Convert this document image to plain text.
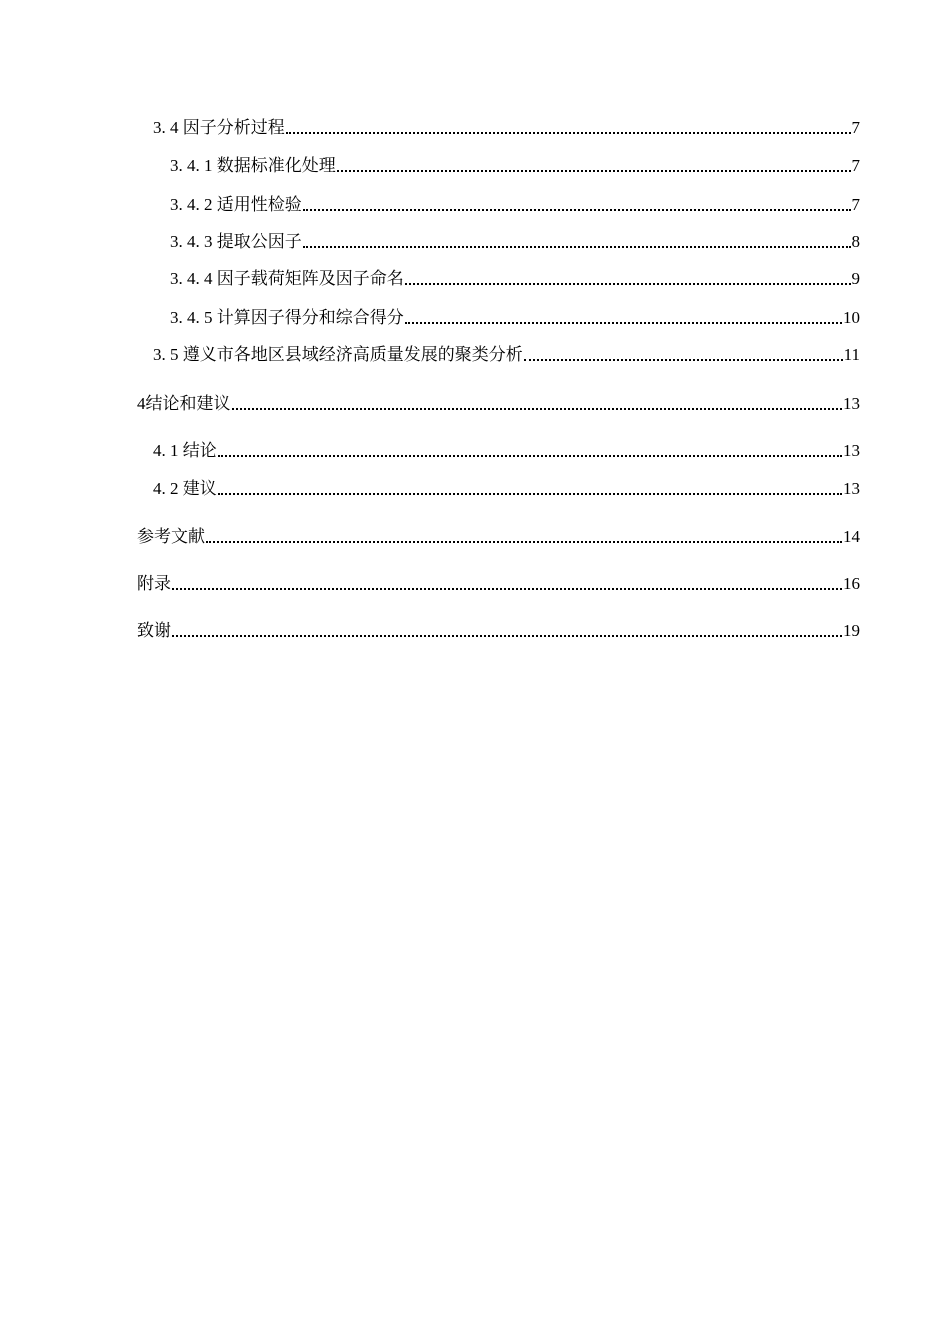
3. 4 因子分析过程	7
3. 4. 1 数据标准化处理	7
3. 4. 2 适用性检验	7
3. 4. 3 提取公因子	8
3. 4. 4 因子载荷矩阵及因子命名	9
3. 4. 5 计算因子得分和综合得分	10
3. 5 遵义市各地区县域经济高质量发展的聚类分析	11
4结论和建议	13
4. 1 结论	13
4. 2 建议	13
参考文献	14
附录	16
致谢	19
